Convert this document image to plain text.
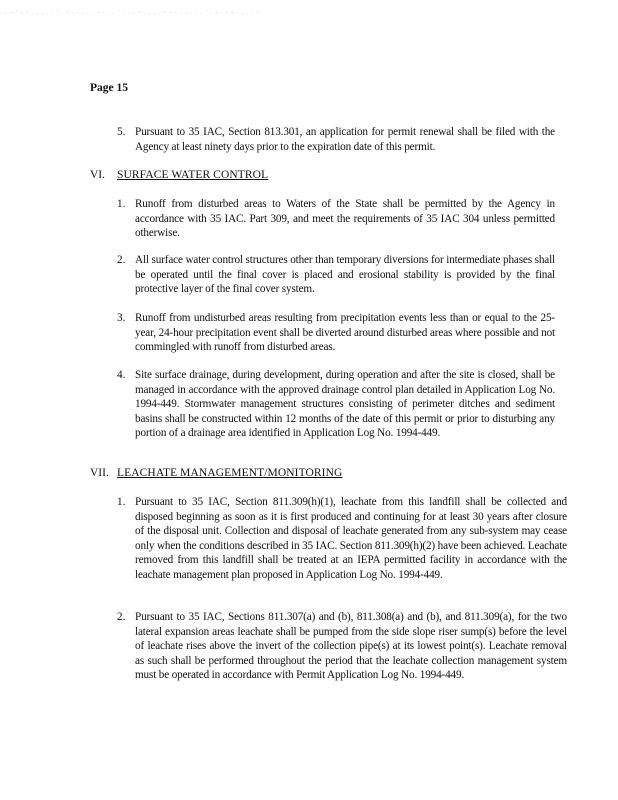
. - - ' - - . . . . . ' . - - . . . . - - . . ' . . - - . . . . - - - . - . . . ' . - . - - . . . . -
Page 15
5. Pursuant to 35 IAC, Section 813.301, an application for permit renewal shall be filed with the Agency at least ninety days prior to the expiration date of this permit.

VI. SURFACE WATER CONTROL
1. Runoff from disturbed areas to Waters of the State shall be permitted by the Agency in accordance with 35 IAC. Part 309, and meet the requirements of 35 IAC 304 unless permitted otherwise.

2. All surface water control structures other than temporary diversions for intermediate phases shall be operated until the final cover is placed and erosional stability is provided by the final protective layer of the final cover system.

3. Runoff from undisturbed areas resulting from precipitation events less than or equal to the 25-year, 24-hour precipitation event shall be diverted around disturbed areas where possible and not commingled with runoff from disturbed areas.

4. Site surface drainage, during development, during operation and after the site is closed, shall be managed in accordance with the approved drainage control plan detailed in Application Log No. 1994-449. Stormwater management structures consisting of perimeter ditches and sediment basins shall be constructed within 12 months of the date of this permit or prior to disturbing any portion of a drainage area identified in Application Log No. 1994-449.

VII. LEACHATE MANAGEMENT/MONITORING
1. Pursuant to 35 IAC, Section 811.309(h)(1), leachate from this landfill shall be collected and disposed beginning as soon as it is first produced and continuing for at least 30 years after closure of the disposal unit. Collection and disposal of leachate generated from any sub-system may cease only when the conditions described in 35 IAC. Section 811.309(h)(2) have been achieved. Leachate removed from this landfill shall be treated at an IEPA permitted facility in accordance with the leachate management plan proposed in Application Log No. 1994-449.

2. Pursuant to 35 IAC, Sections 811.307(a) and (b), 811.308(a) and (b), and 811.309(a), for the two lateral expansion areas leachate shall be pumped from the side slope riser sump(s) before the level of leachate rises above the invert of the collection pipe(s) at its lowest point(s). Leachate removal as such shall be performed throughout the period that the leachate collection management system must be operated in accordance with Permit Application Log No. 1994-449.
